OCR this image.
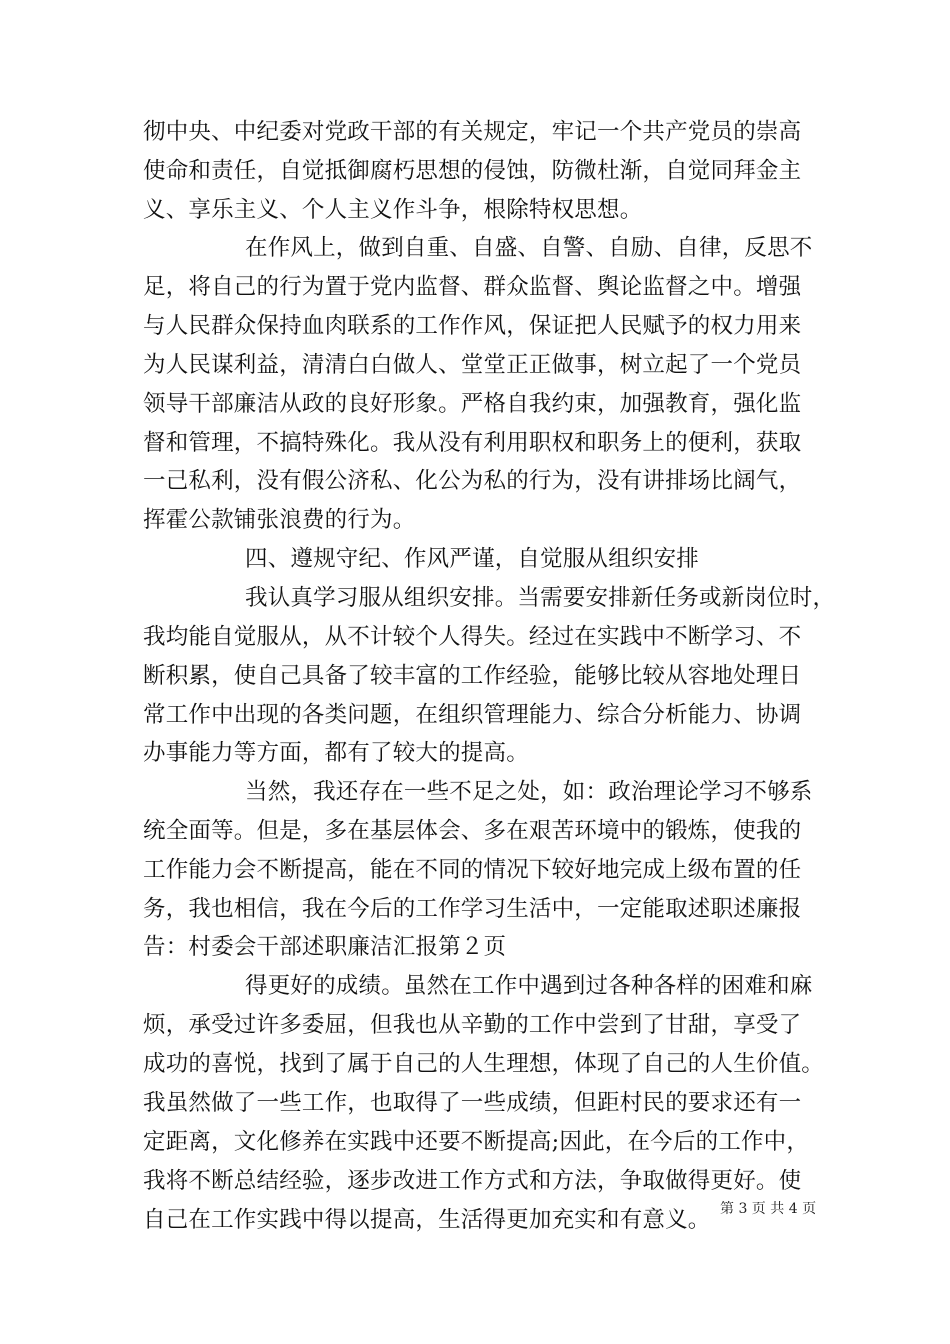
彻中央、中纪委对党政干部的有关规定，牢记一个共产党员的崇高
使命和责任，自觉抵御腐朽思想的侵蚀，防微杜渐，自觉同拜金主
义、享乐主义、个人主义作斗争，根除特权思想。
在作风上，做到自重、自盛、自警、自励、自律，反思不
足，将自己的行为置于党内监督、群众监督、舆论监督之中。增强
与人民群众保持血肉联系的工作作风，保证把人民赋予的权力用来
为人民谋利益，清清白白做人、堂堂正正做事，树立起了一个党员
领导干部廉洁从政的良好形象。严格自我约束，加强教育，强化监
督和管理，不搞特殊化。我从没有利用职权和职务上的便利，获取
一己私利，没有假公济私、化公为私的行为，没有讲排场比阔气，
挥霍公款铺张浪费的行为。
四、遵规守纪、作风严谨，自觉服从组织安排
我认真学习服从组织安排。当需要安排新任务或新岗位时，
我均能自觉服从，从不计较个人得失。经过在实践中不断学习、不
断积累，使自己具备了较丰富的工作经验，能够比较从容地处理日
常工作中出现的各类问题，在组织管理能力、综合分析能力、协调
办事能力等方面，都有了较大的提高。
当然，我还存在一些不足之处，如：政治理论学习不够系
统全面等。但是，多在基层体会、多在艰苦环境中的锻炼，使我的
工作能力会不断提高，能在不同的情况下较好地完成上级布置的任
务，我也相信，我在今后的工作学习生活中，一定能取述职述廉报
告：村委会干部述职廉洁汇报第２页
得更好的成绩。虽然在工作中遇到过各种各样的困难和麻
烦，承受过许多委屈，但我也从辛勤的工作中尝到了甘甜，享受了
成功的喜悦，找到了属于自己的人生理想，体现了自己的人生价值。
我虽然做了一些工作，也取得了一些成绩，但距村民的要求还有一
定距离，文化修养在实践中还要不断提高;因此，在今后的工作中，
我将不断总结经验，逐步改进工作方式和方法，争取做得更好。使
自己在工作实践中得以提高，生活得更加充实和有意义。 第 3 页 共 4 页
